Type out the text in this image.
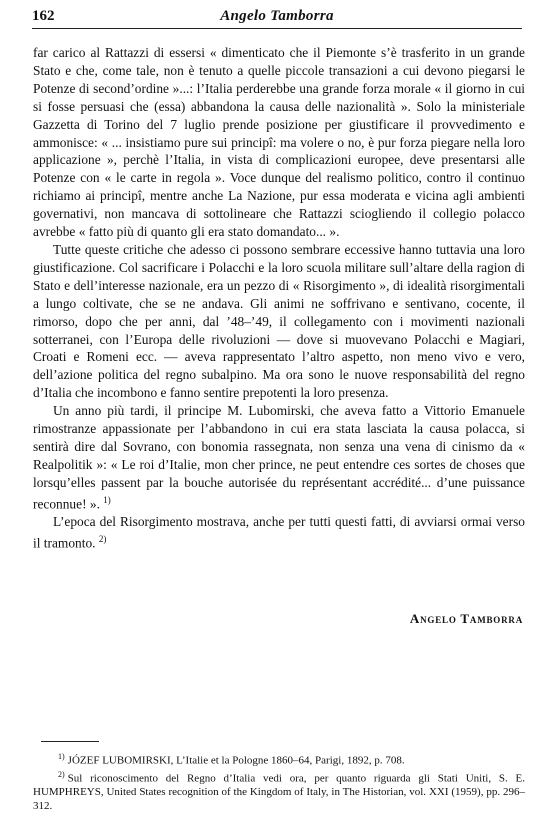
162	Angelo Tamborra

far carico al Rattazzi di essersi « dimenticato che il Piemonte s’è trasferito in un grande Stato e che, come tale, non è tenuto a quelle piccole transazioni a cui devono piegarsi le Potenze di second’ordine »...: l’Italia perderebbe una grande forza morale « il giorno in cui si fosse persuasi che (essa) abbandona la causa delle nazionalità ». Solo la ministeriale Gazzetta di Torino del 7 luglio prende posizione per giustificare il provvedimento e ammonisce: « ... insistiamo pure sui principî: ma volere o no, è pur forza piegare nella loro applicazione », perchè l’Italia, in vista di complicazioni europee, deve presentarsi alle Potenze con « le carte in regola ». Voce dunque del realismo politico, contro il continuo richiamo ai principî, mentre anche La Nazione, pur essa moderata e vicina agli ambienti governativi, non mancava di sottolineare che Rattazzi sciogliendo il collegio polacco avrebbe « fatto più di quanto gli era stato domandato... ».

Tutte queste critiche che adesso ci possono sembrare eccessive hanno tuttavia una loro giustificazione. Col sacrificare i Polacchi e la loro scuola militare sull’altare della ragion di Stato e dell’interesse nazionale, era un pezzo di « Risorgimento », di idealità risorgimentali a lungo coltivate, che se ne andava. Gli animi ne soffrivano e sentivano, cocente, il rimorso, dopo che per anni, dal ’48–’49, il collegamento con i movimenti nazionali sotterranei, con l’Europa delle rivoluzioni — dove si muovevano Polacchi e Magiari, Croati e Romeni ecc. — aveva rappresentato l’altro aspetto, non meno vivo e vero, dell’azione politica del regno subalpino. Ma ora sono le nuove responsabilità del regno d’Italia che incombono e fanno sentire prepotenti la loro presenza.

Un anno più tardi, il principe M. Lubomirski, che aveva fatto a Vittorio Emanuele rimostranze appassionate per l’abbandono in cui era stata lasciata la causa polacca, si sentirà dire dal Sovrano, con bonomia rassegnata, non senza una vena di cinismo da « Realpolitik »: « Le roi d’Italie, mon cher prince, ne peut entendre ces sortes de choses que lorsqu’elles passent par la bouche autorisée du représentant accrédité... d’une puissance reconnue! ». $^{1)}$

L’epoca del Risorgimento mostrava, anche per tutti questi fatti, di avviarsi ormai verso il tramonto. $^{2)}$

Angelo Tamborra

$^{1)}$ JÓZEF LUBOMIRSKI, L’Italie et la Pologne 1860–64, Parigi, 1892, p. 708.

$^{2)}$ Sul riconoscimento del Regno d’Italia vedi ora, per quanto riguarda gli Stati Uniti, S. E. HUMPHREYS, United States recognition of the Kingdom of Italy, in The Historian, vol. XXI (1959), pp. 296–312.
